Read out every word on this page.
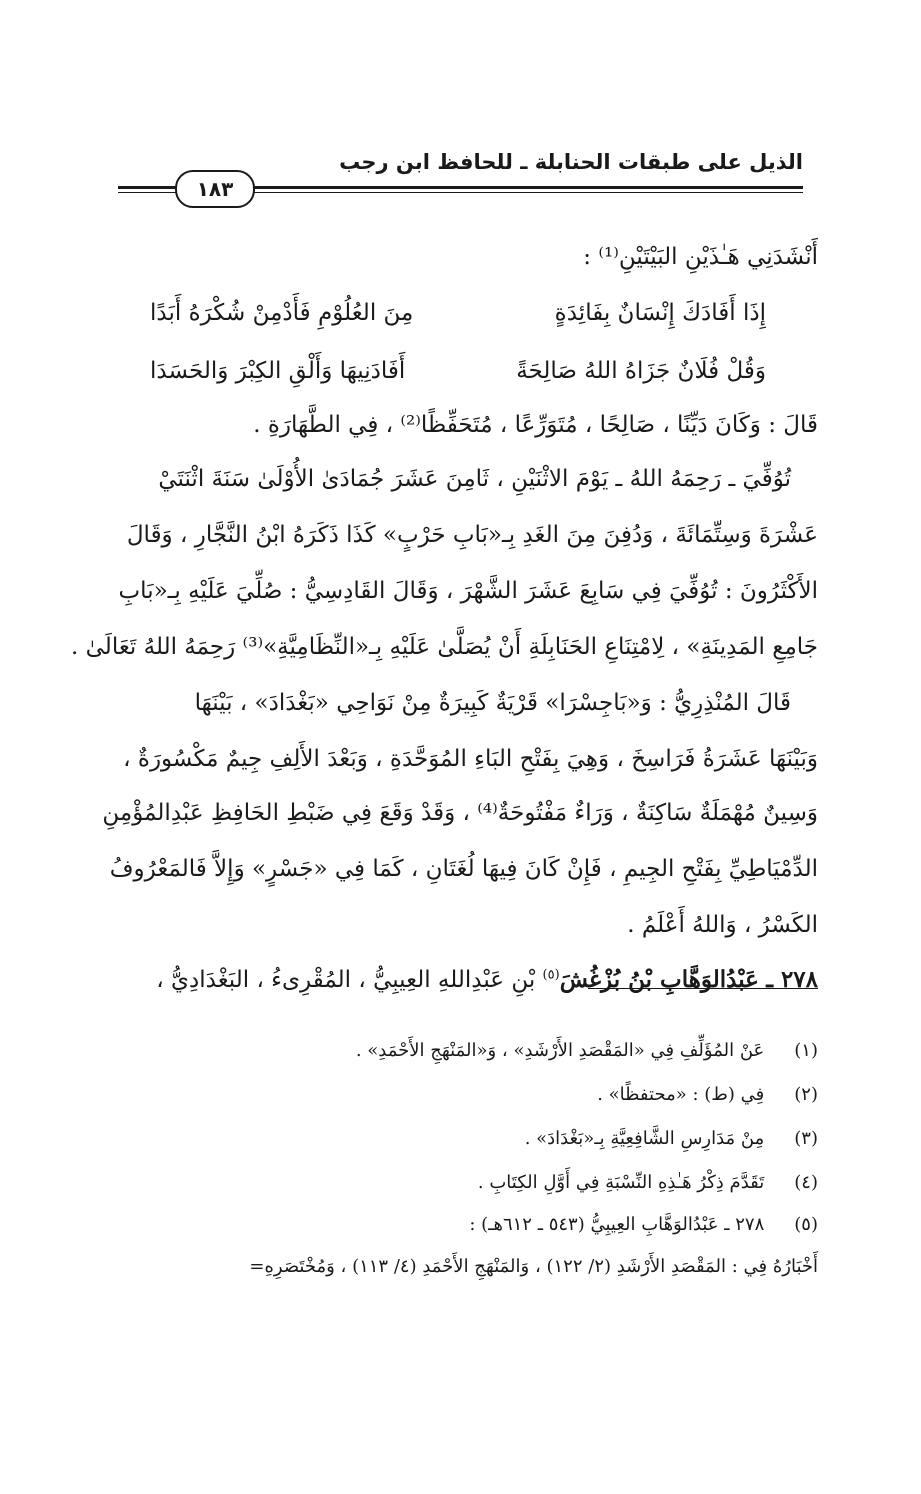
الذيل على طبقات الحنابلة ـ للحافظ ابن رجب
١٨٣
أَنْشَدَنِي هَـٰذَيْنِ البَيْتَيْنِ⁽¹⁾ :
إِذَا أَفَادَكَ إِنْسَانٌ بِفَائِدَةٍ
مِنَ العُلُوْمِ فَأَدْمِنْ شُكْرَهُ أَبَدًا
وَقُلْ فُلَانٌ جَزَاهُ اللهُ صَالِحَةً
أَفَادَنِيهَا وَأَلْقِ الكِبْرَ وَالحَسَدَا
قَالَ : وَكَانَ دَيِّنًا ، صَالِحًا ، مُتَوَرِّعًا ، مُتَحَفِّظًا⁽²⁾ ، فِي الطَّهَارَةِ .
تُوُفِّيَ ـ رَحِمَهُ اللهُ ـ يَوْمَ الاثْنَيْنِ ، ثَامِنَ عَشَرَ جُمَادَىٰ الأُوْلَىٰ سَنَةَ اثْنَتَيْ
عَشْرَةَ وَسِتِّمَائَةَ ، وَدُفِنَ مِنَ الغَدِ بِـ«بَابِ حَرْبٍ» كَذَا ذَكَرَهُ ابْنُ النَّجَّارِ ، وَقَالَ
الأَكْثَرُونَ : تُوُفِّيَ فِي سَابِعَ عَشَرَ الشَّهْرَ ، وَقَالَ القَادِسِيُّ : صُلِّيَ عَلَيْهِ بِـ«بَابِ
جَامِعِ المَدِينَةِ» ، لِامْتِنَاعِ الحَنَابِلَةِ أَنْ يُصَلَّىٰ عَلَيْهِ بِـ«النِّظَامِيَّةِ»⁽³⁾ رَحِمَهُ اللهُ تَعَالَىٰ .
قَالَ المُنْذِرِيُّ : وَ«بَاجِسْرَا» قَرْيَةٌ كَبِيرَةٌ مِنْ نَوَاحِي «بَغْدَادَ» ، بَيْنَهَا
وَبَيْنَهَا عَشَرَةُ فَرَاسِخَ ، وَهِيَ بِفَتْحِ البَاءِ المُوَحَّدَةِ ، وَبَعْدَ الأَلِفِ جِيمٌ مَكْسُورَةٌ ،
وَسِينٌ مُهْمَلَةٌ سَاكِنَةٌ ، وَرَاءٌ مَفْتُوحَةٌ⁽⁴⁾ ، وَقَدْ وَقَعَ فِي ضَبْطِ الحَافِظِ عَبْدِالمُؤْمِنِ
الدِّمْيَاطِيِّ بِفَتْحِ الجِيمِ ، فَإِنْ كَانَ فِيهَا لُغَتَانِ ، كَمَا فِي «جَسْرٍ» وَإِلاَّ فَالمَعْرُوفُ
الكَسْرُ ، وَاللهُ أَعْلَمُ .
٢٧٨ ـ عَبْدُالوَهَّابِ بْنُ بُزْغُشَ$^{(٥)}$ بْنِ عَبْدِاللهِ العِيبِيُّ ، المُقْرِىءُ ، البَغْدَادِيُّ ،
(١) عَنْ المُؤَلِّفِ فِي «المَقْصَدِ الأَرْشَدِ» ، وَ«المَنْهَجِ الأَحْمَدِ» .
(٢) فِي (ط) : «محتفظًا» .
(٣) مِنْ مَدَارِسِ الشَّافِعِيَّةِ بِـ«بَغْدَادَ» .
(٤) تَقَدَّمَ ذِكْرُ هَـٰذِهِ النِّسْبَةِ فِي أَوَّلِ الكِتَابِ .
(٥) ٢٧٨ ـ عَبْدُالوَهَّابِ العِيبِيُّ (٥٤٣ ـ ٦١٢هـ) :
أَخْبَارُهُ فِي : المَقْصَدِ الأَرْشَدِ (٢/ ١٢٢) ، وَالمَنْهَجِ الأَحْمَدِ (٤/ ١١٣) ، وَمُخْتَصَرِهِ=
